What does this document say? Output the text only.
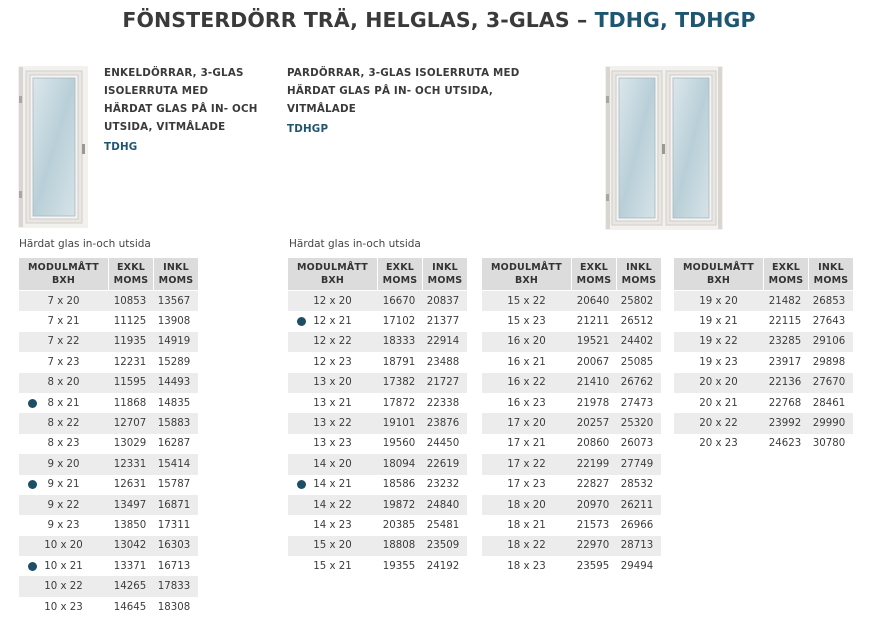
FÖNSTERDÖRR TRÄ, HELGLAS, 3-GLAS – TDHG, TDHGP
ENKELDÖRRAR, 3-GLAS
ISOLERRUTA MED
HÄRDAT GLAS PÅ IN- OCH
UTSIDA, VITMÅLADE
TDHG
PARDÖRRAR, 3-GLAS ISOLERRUTA MED
HÄRDAT GLAS PÅ IN- OCH UTSIDA,
VITMÅLADE
TDHGP
Härdat glas in-och utsida	Härdat glas in-och utsida
MODULMÅTT
BXH
EXKL
MOMS
INKL
MOMS
7 x 20	10853	13567
7 x 21	11125	13908
7 x 22	11935	14919
7 x 23	12231	15289
8 x 20	11595	14493
8 x 21	11868	14835
8 x 22	12707	15883
8 x 23	13029	16287
9 x 20	12331	15414
9 x 21	12631	15787
9 x 22	13497	16871
9 x 23	13850	17311
10 x 20	13042	16303
10 x 21	13371	16713
10 x 22	14265	17833
10 x 23	14645	18308
MODULMÅTT
BXH
EXKL
MOMS
INKL
MOMS
12 x 20	16670	20837
12 x 21	17102	21377
12 x 22	18333	22914
12 x 23	18791	23488
13 x 20	17382	21727
13 x 21	17872	22338
13 x 22	19101	23876
13 x 23	19560	24450
14 x 20	18094	22619
14 x 21	18586	23232
14 x 22	19872	24840
14 x 23	20385	25481
15 x 20	18808	23509
15 x 21	19355	24192
MODULMÅTT
BXH
EXKL
MOMS
INKL
MOMS
15 x 22	20640	25802
15 x 23	21211	26512
16 x 20	19521	24402
16 x 21	20067	25085
16 x 22	21410	26762
16 x 23	21978	27473
17 x 20	20257	25320
17 x 21	20860	26073
17 x 22	22199	27749
17 x 23	22827	28532
18 x 20	20970	26211
18 x 21	21573	26966
18 x 22	22970	28713
18 x 23	23595	29494
MODULMÅTT
BXH
EXKL
MOMS
INKL
MOMS
19 x 20	21482	26853
19 x 21	22115	27643
19 x 22	23285	29106
19 x 23	23917	29898
20 x 20	22136	27670
20 x 21	22768	28461
20 x 22	23992	29990
20 x 23	24623	30780
